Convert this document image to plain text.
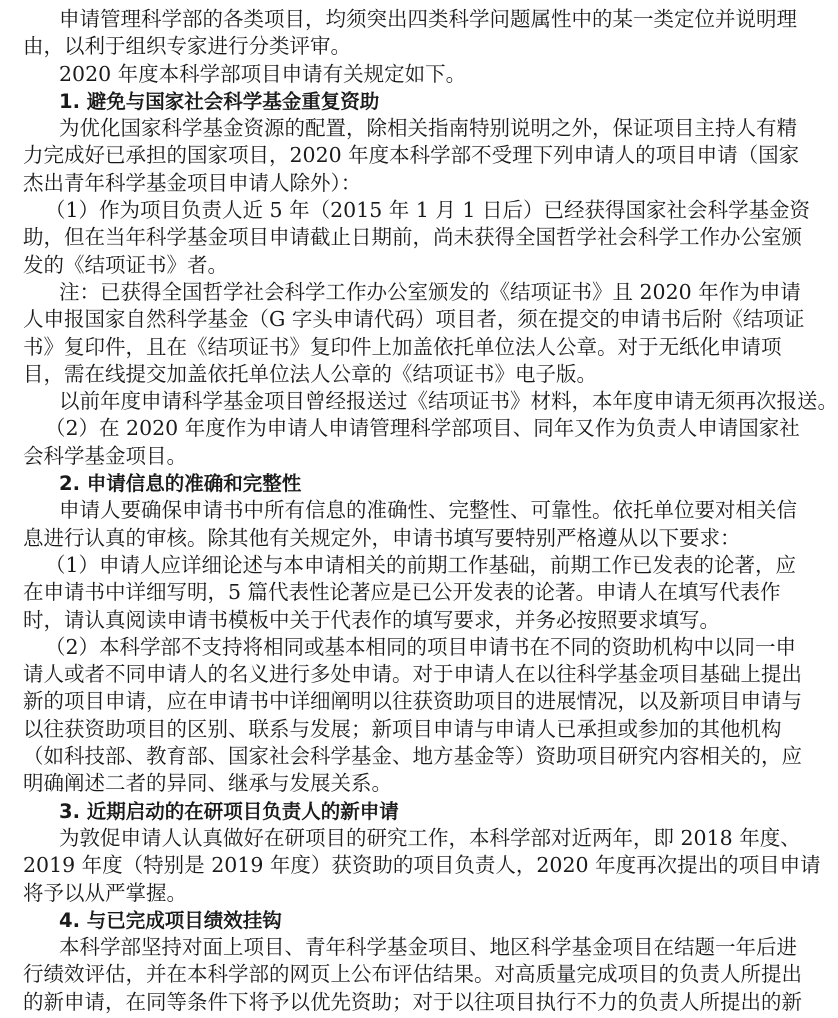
申请管理科学部的各类项目，均须突出四类科学问题属性中的某一类定位并说明理
由，以利于组织专家进行分类评审。
2020 年度本科学部项目申请有关规定如下。
1. 避免与国家社会科学基金重复资助
为优化国家科学基金资源的配置，除相关指南特别说明之外，保证项目主持人有精
力完成好已承担的国家项目，2020 年度本科学部不受理下列申请人的项目申请（国家
杰出青年科学基金项目申请人除外）：
（1）作为项目负责人近 5 年（2015 年 1 月 1 日后）已经获得国家社会科学基金资
助，但在当年科学基金项目申请截止日期前，尚未获得全国哲学社会科学工作办公室颁
发的《结项证书》者。
注：已获得全国哲学社会科学工作办公室颁发的《结项证书》且 2020 年作为申请
人申报国家自然科学基金（G 字头申请代码）项目者，须在提交的申请书后附《结项证
书》复印件，且在《结项证书》复印件上加盖依托单位法人公章。对于无纸化申请项
目，需在线提交加盖依托单位法人公章的《结项证书》电子版。
以前年度申请科学基金项目曾经报送过《结项证书》材料，本年度申请无须再次报送。
（2）在 2020 年度作为申请人申请管理科学部项目、同年又作为负责人申请国家社
会科学基金项目。
2. 申请信息的准确和完整性
申请人要确保申请书中所有信息的准确性、完整性、可靠性。依托单位要对相关信
息进行认真的审核。除其他有关规定外，申请书填写要特别严格遵从以下要求：
（1）申请人应详细论述与本申请相关的前期工作基础，前期工作已发表的论著，应
在申请书中详细写明，5 篇代表性论著应是已公开发表的论著。申请人在填写代表作
时，请认真阅读申请书模板中关于代表作的填写要求，并务必按照要求填写。
（2）本科学部不支持将相同或基本相同的项目申请书在不同的资助机构中以同一申
请人或者不同申请人的名义进行多处申请。对于申请人在以往科学基金项目基础上提出
新的项目申请，应在申请书中详细阐明以往获资助项目的进展情况，以及新项目申请与
以往获资助项目的区别、联系与发展；新项目申请与申请人已承担或参加的其他机构
（如科技部、教育部、国家社会科学基金、地方基金等）资助项目研究内容相关的，应
明确阐述二者的异同、继承与发展关系。
3. 近期启动的在研项目负责人的新申请
为敦促申请人认真做好在研项目的研究工作，本科学部对近两年，即 2018 年度、
2019 年度（特别是 2019 年度）获资助的项目负责人，2020 年度再次提出的项目申请
将予以从严掌握。
4. 与已完成项目绩效挂钩
本科学部坚持对面上项目、青年科学基金项目、地区科学基金项目在结题一年后进
行绩效评估，并在本科学部的网页上公布评估结果。对高质量完成项目的负责人所提出
的新申请，在同等条件下将予以优先资助；对于以往项目执行不力的负责人所提出的新
